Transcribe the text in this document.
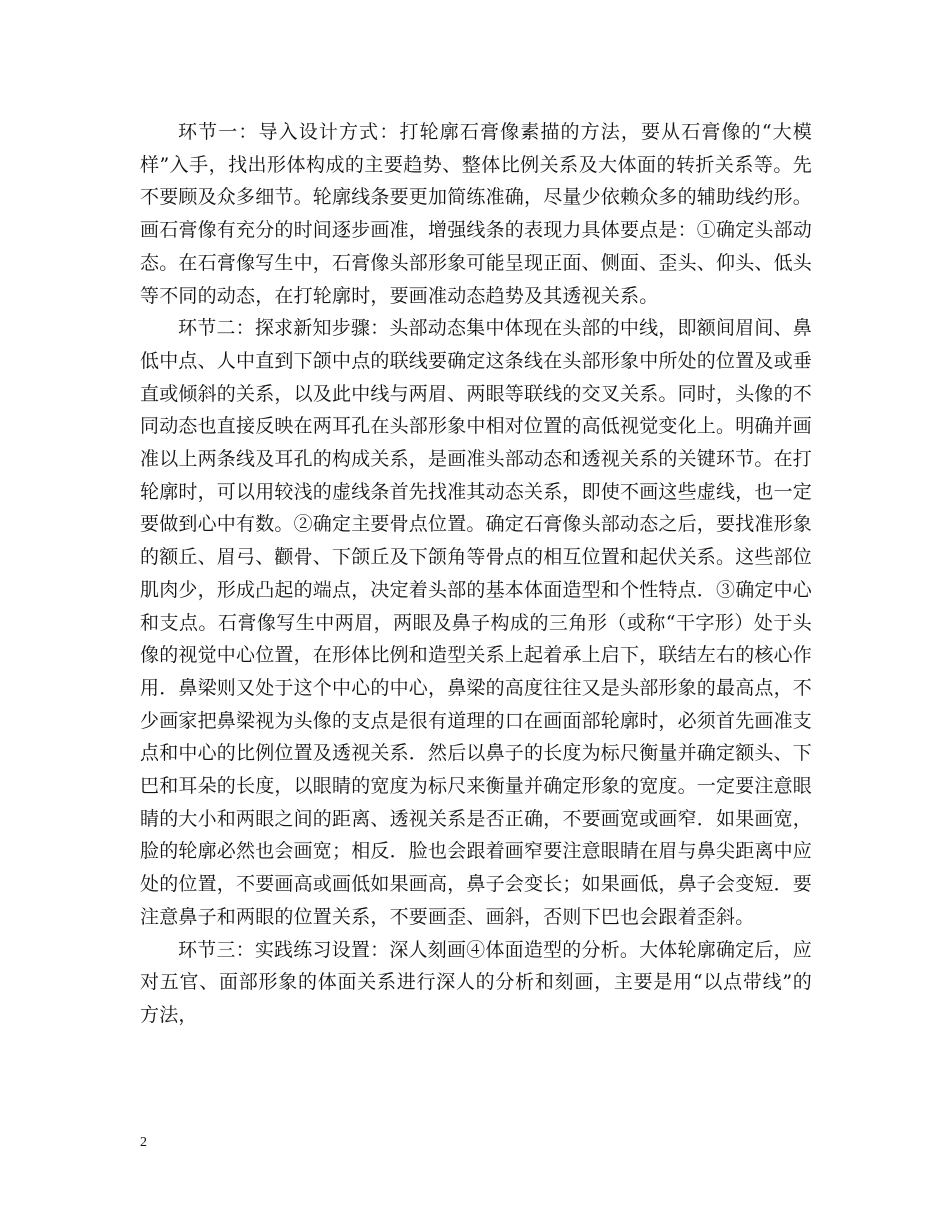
环节一：导入设计方式：打轮廓石膏像素描的方法，要从石膏像的“大模样”入手，找出形体构成的主要趋势、整体比例关系及大体面的转折关系等。先不要顾及众多细节。轮廓线条要更加简练准确，尽量少依赖众多的辅助线约形。画石膏像有充分的时间逐步画准，增强线条的表现力具体要点是：①确定头部动态。在石膏像写生中，石膏像头部形象可能呈现正面、侧面、歪头、仰头、低头等不同的动态，在打轮廓时，要画准动态趋势及其透视关系。

环节二：探求新知步骤：头部动态集中体现在头部的中线，即额间眉间、鼻低中点、人中直到下颌中点的联线要确定这条线在头部形象中所处的位置及或垂直或倾斜的关系，以及此中线与两眉、两眼等联线的交叉关系。同时，头像的不同动态也直接反映在两耳孔在头部形象中相对位置的高低视觉变化上。明确并画准以上两条线及耳孔的构成关系，是画准头部动态和透视关系的关键环节。在打轮廓时，可以用较浅的虚线条首先找准其动态关系，即使不画这些虚线，也一定要做到心中有数。②确定主要骨点位置。确定石膏像头部动态之后，要找准形象的额丘、眉弓、颧骨、下颌丘及下颌角等骨点的相互位置和起伏关系。这些部位肌肉少，形成凸起的端点，决定着头部的基本体面造型和个性特点．③确定中心和支点。石膏像写生中两眉，两眼及鼻子构成的三角形（或称“干字形）处于头像的视觉中心位置，在形体比例和造型关系上起着承上启下，联结左右的核心作用．鼻梁则又处于这个中心的中心，鼻梁的高度往往又是头部形象的最高点，不少画家把鼻梁视为头像的支点是很有道理的口在画面部轮廓时，必须首先画准支点和中心的比例位置及透视关系．然后以鼻子的长度为标尺衡量并确定额头、下巴和耳朵的长度，以眼睛的宽度为标尺来衡量并确定形象的宽度。一定要注意眼睛的大小和两眼之间的距离、透视关系是否正确，不要画宽或画窄．如果画宽，脸的轮廓必然也会画宽；相反．脸也会跟着画窄要注意眼睛在眉与鼻尖距离中应处的位置，不要画高或画低如果画高，鼻子会变长；如果画低，鼻子会变短．要注意鼻子和两眼的位置关系，不要画歪、画斜，否则下巴也会跟着歪斜。

环节三：实践练习设置：深人刻画④体面造型的分析。大体轮廓确定后，应对五官、面部形象的体面关系进行深人的分析和刻画，主要是用“以点带线”的方法，

2
